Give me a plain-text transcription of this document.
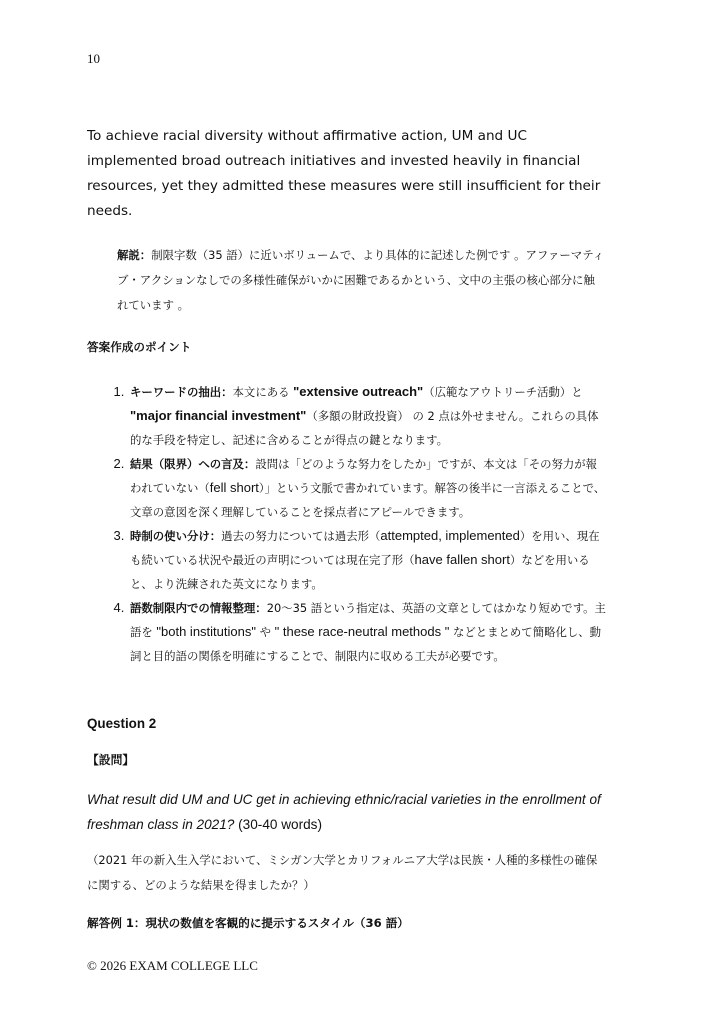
10

To achieve racial diversity without affirmative action, UM and UC implemented broad outreach initiatives and invested heavily in financial resources, yet they admitted these measures were still insufficient for their needs.

解説：制限字数（35 語）に近いボリュームで、より具体的に記述した例です 。アファーマティブ・アクションなしでの多様性確保がいかに困難であるかという、文中の主張の核心部分に触れています 。

答案作成のポイント

1. キーワードの抽出：本文にある "extensive outreach"（広範なアウトリーチ活動）と "major financial investment"（多額の財政投資） の 2 点は外せません。これらの具体的な手段を特定し、記述に含めることが得点の鍵となります。
2. 結果（限界）への言及：設問は「どのような努力をしたか」ですが、本文は「その努力が報われていない（fell short）」という文脈で書かれています。解答の後半に一言添えることで、文章の意図を深く理解していることを採点者にアピールできます。
3. 時制の使い分け：過去の努力については過去形（attempted, implemented）を用い、現在も続いている状況や最近の声明については現在完了形（have fallen short）などを用いると、より洗練された英文になります。
4. 語数制限内での情報整理：20～35 語という指定は、英語の文章としてはかなり短めです。主語を "both institutions" や " these race-neutral methods " などとまとめて簡略化し、動詞と目的語の関係を明確にすることで、制限内に収める工夫が必要です。

Question 2

【設問】

What result did UM and UC get in achieving ethnic/racial varieties in the enrollment of freshman class in 2021? (30-40 words)

（2021 年の新入生入学において、ミシガン大学とカリフォルニア大学は民族・人種的多様性の確保に関する、どのような結果を得ましたか？）

解答例 1：現状の数値を客観的に提示するスタイル（36 語）

© 2026 EXAM COLLEGE LLC
